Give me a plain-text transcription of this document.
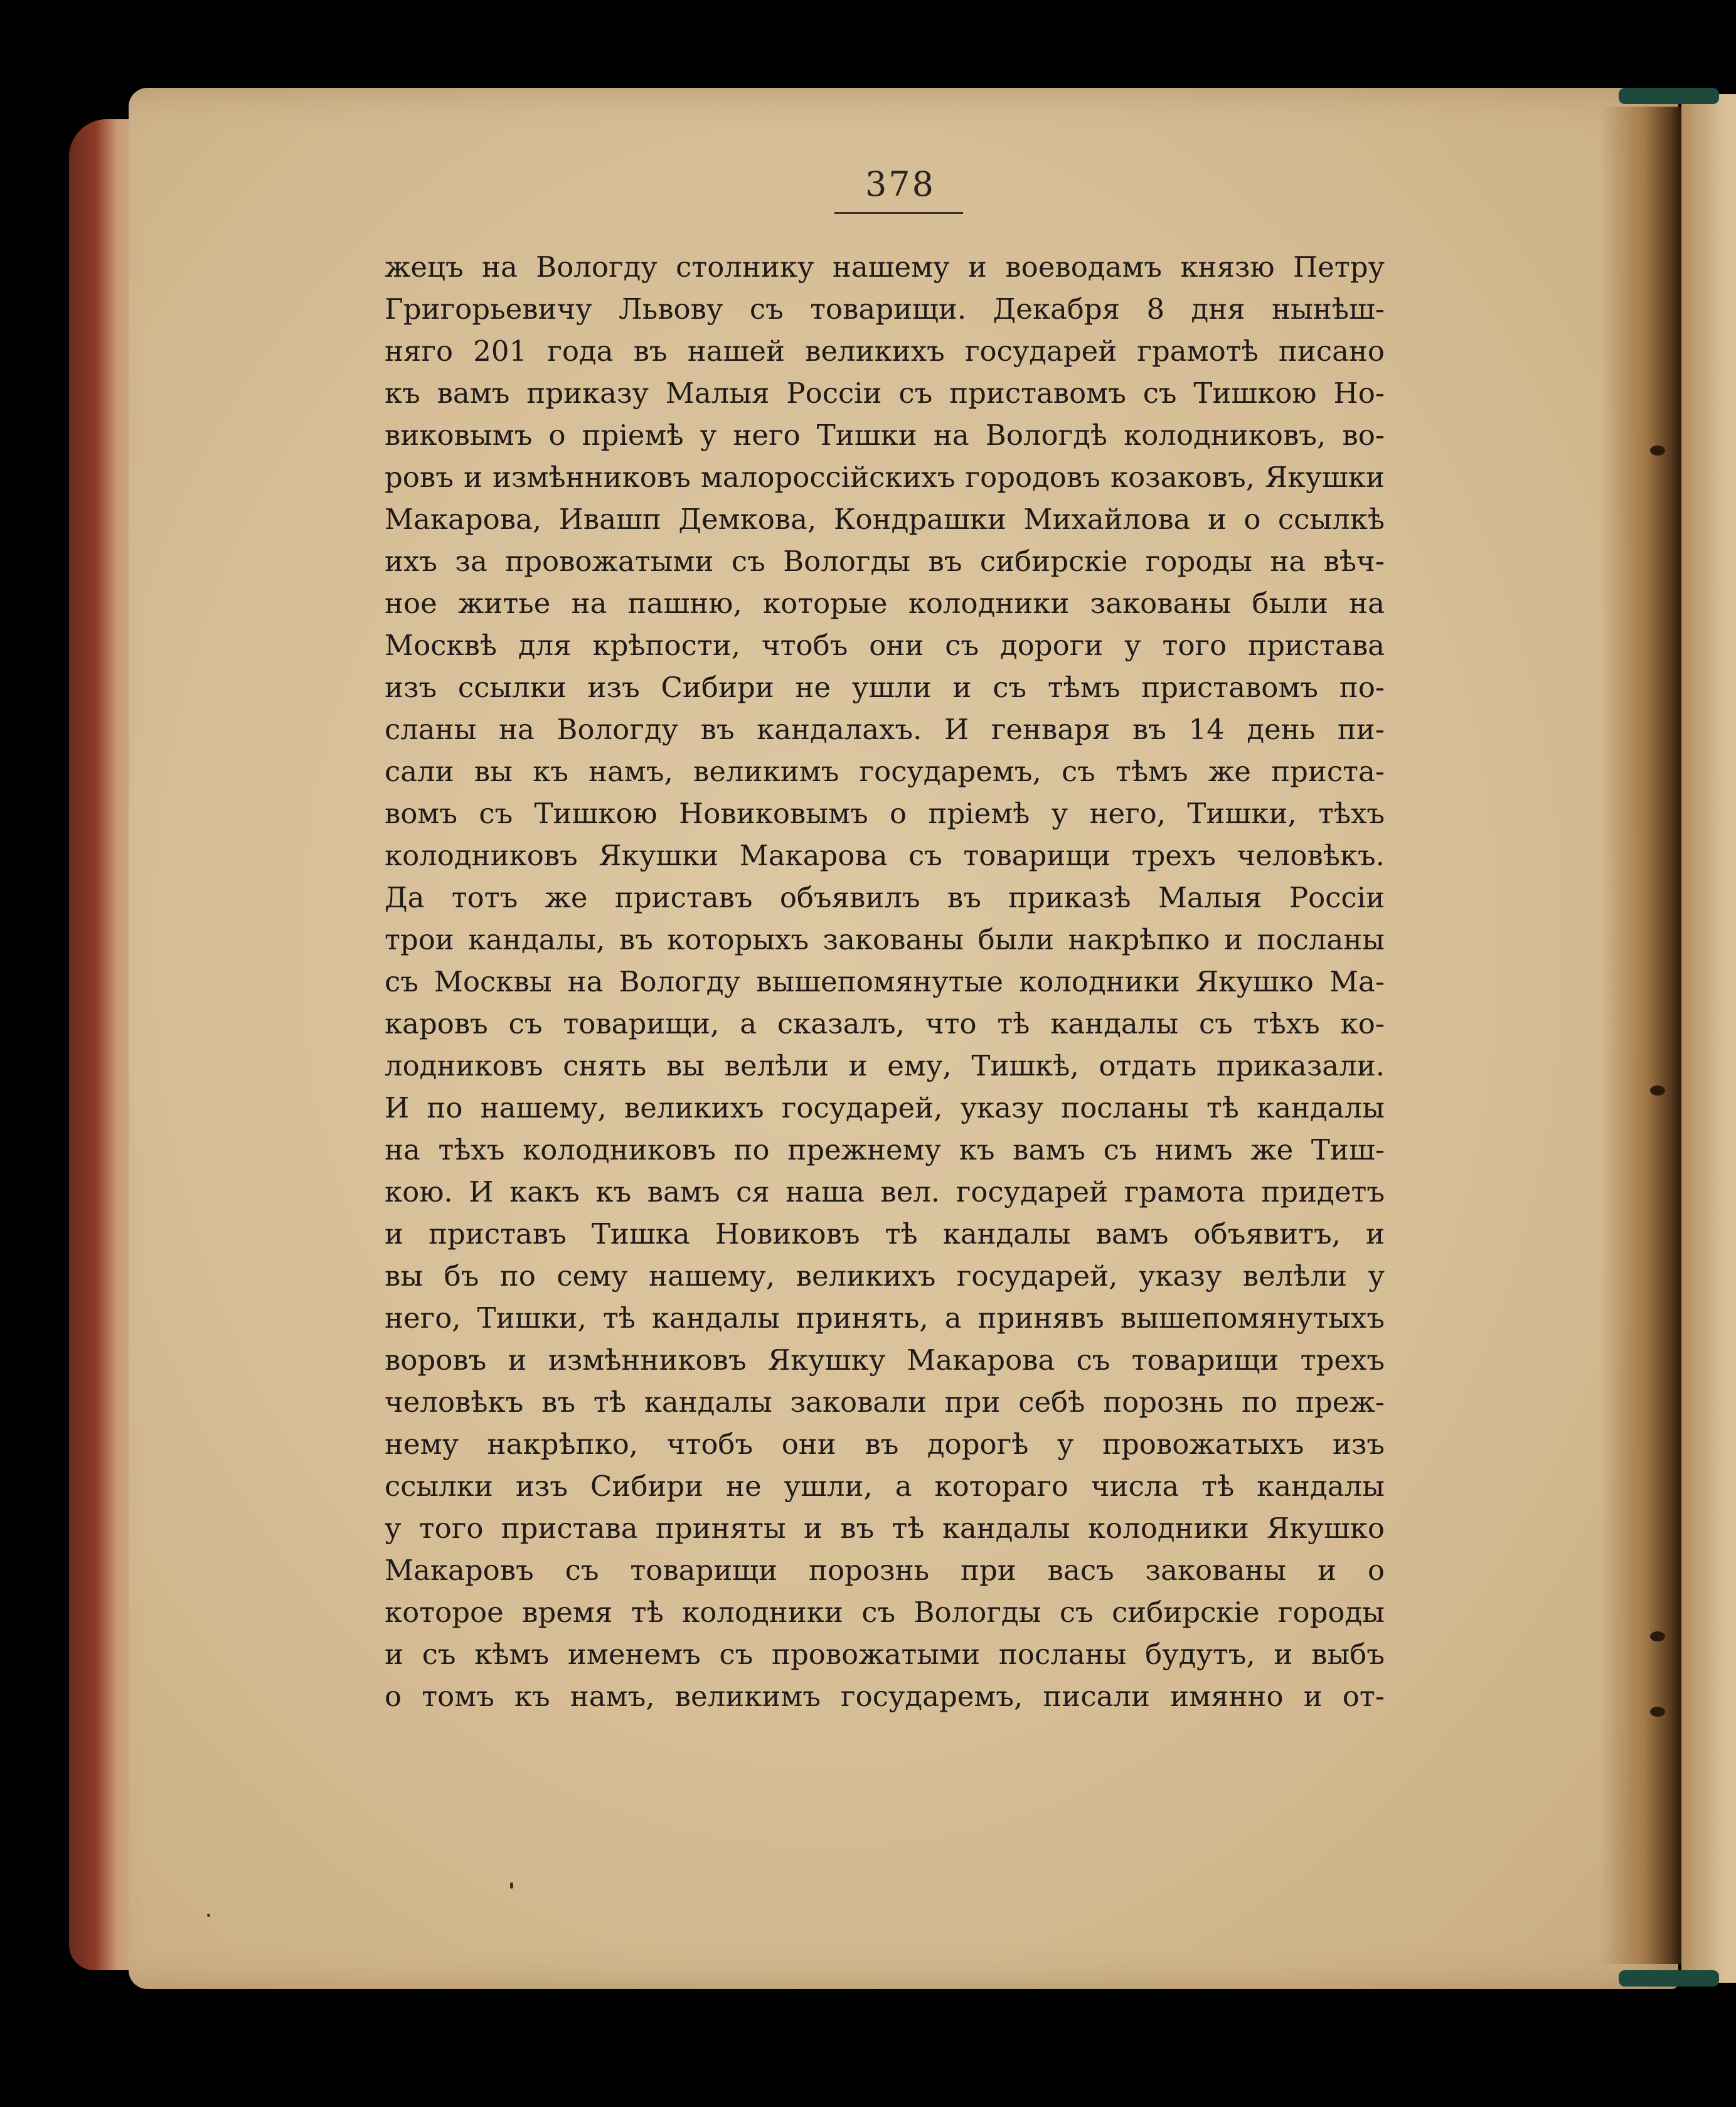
378
жецъ на Вологду столнику нашему и воеводамъ князю Петру
Григорьевичу Львову съ товарищи. Декабря 8 дня нынѣш-
няго 201 года въ нашей великихъ государей грамотѣ писано
къ вамъ приказу Малыя Россіи съ приставомъ съ Тишкою Но-
виковымъ о пріемѣ у него Тишки на Вологдѣ колодниковъ, во-
ровъ и измѣнниковъ малороссійскихъ городовъ козаковъ, Якушки
Макарова, Ивашп Демкова, Кондрашки Михайлова и о ссылкѣ
ихъ за провожатыми съ Вологды въ сибирскіе городы на вѣч-
ное житье на пашню, которые колодники закованы были на
Москвѣ для крѣпости, чтобъ они съ дороги у того пристава
изъ ссылки изъ Сибири не ушли и съ тѣмъ приставомъ по-
сланы на Вологду въ кандалахъ. И генваря въ 14 день пи-
сали вы къ намъ, великимъ государемъ, съ тѣмъ же приста-
вомъ съ Тишкою Новиковымъ о пріемѣ у него, Тишки, тѣхъ
колодниковъ Якушки Макарова съ товарищи трехъ человѣкъ.
Да тотъ же приставъ объявилъ въ приказѣ Малыя Россіи
трои кандалы, въ которыхъ закованы были накрѣпко и посланы
съ Москвы на Вологду вышепомянутые колодники Якушко Ма-
каровъ съ товарищи, а сказалъ, что тѣ кандалы съ тѣхъ ко-
лодниковъ снять вы велѣли и ему, Тишкѣ, отдать приказали.
И по нашему, великихъ государей, указу посланы тѣ кандалы
на тѣхъ колодниковъ по прежнему къ вамъ съ нимъ же Тиш-
кою. И какъ къ вамъ ся наша вел. государей грамота придетъ
и приставъ Тишка Новиковъ тѣ кандалы вамъ объявитъ, и
вы бъ по сему нашему, великихъ государей, указу велѣли у
него, Тишки, тѣ кандалы принять, а принявъ вышепомянутыхъ
воровъ и измѣнниковъ Якушку Макарова съ товарищи трехъ
человѣкъ въ тѣ кандалы заковали при себѣ порознь по преж-
нему накрѣпко, чтобъ они въ дорогѣ у провожатыхъ изъ
ссылки изъ Сибири не ушли, а котораго числа тѣ кандалы
у того пристава приняты и въ тѣ кандалы колодники Якушко
Макаровъ съ товарищи порознь при васъ закованы и о
которое время тѣ колодники съ Вологды съ сибирскіе городы
и съ кѣмъ именемъ съ провожатыми посланы будутъ, и выбъ
о томъ къ намъ, великимъ государемъ, писали имянно и от-
